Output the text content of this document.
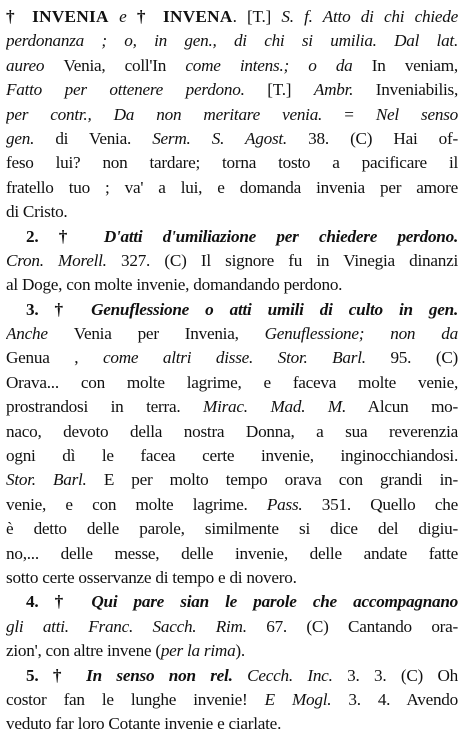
† INVENIA e † INVENA. [T.] S. f. Atto di chi chiede
perdonanza ; o, in gen., di chi si umilia. Dal lat.
aureo Venia, coll'In come intens.; o da In veniam,
Fatto per ottenere perdono. [T.] Ambr. Inveniabilis,
per contr., Da non meritare venia. = Nel senso
gen. di Venia. Serm. S. Agost. 38. (C) Hai of-
feso lui? non tardare; torna tosto a pacificare il
fratello tuo ; va' a lui, e domanda invenia per amore
di Cristo.
2. † D'atti d'umiliazione per chiedere perdono.
Cron. Morell. 327. (C) Il signore fu in Vinegia dinanzi
al Doge, con molte invenie, domandando perdono.
3. † Genuflessione o atti umili di culto in gen.
Anche Venia per Invenia, Genuflessione; non da
Genua , come altri disse. Stor. Barl. 95. (C)
Orava... con molte lagrime, e faceva molte venie,
prostrandosi in terra. Mirac. Mad. M. Alcun mo-
naco, devoto della nostra Donna, a sua reverenzia
ogni dì le facea certe invenie, inginocchiandosi.
Stor. Barl. E per molto tempo orava con grandi in-
venie, e con molte lagrime. Pass. 351. Quello che
è detto delle parole, similmente si dice del digiu-
no,... delle messe, delle invenie, delle andate fatte
sotto certe osservanze di tempo e di novero.
4. † Qui pare sian le parole che accompagnano
gli atti. Franc. Sacch. Rim. 67. (C) Cantando ora-
zion', con altre invene (per la rima).
5. † In senso non rel. Cecch. Inc. 3. 3. (C) Oh
costor fan le lunghe invenie! E Mogl. 3. 4. Avendo
veduto far loro Cotante invenie e ciarlate.
